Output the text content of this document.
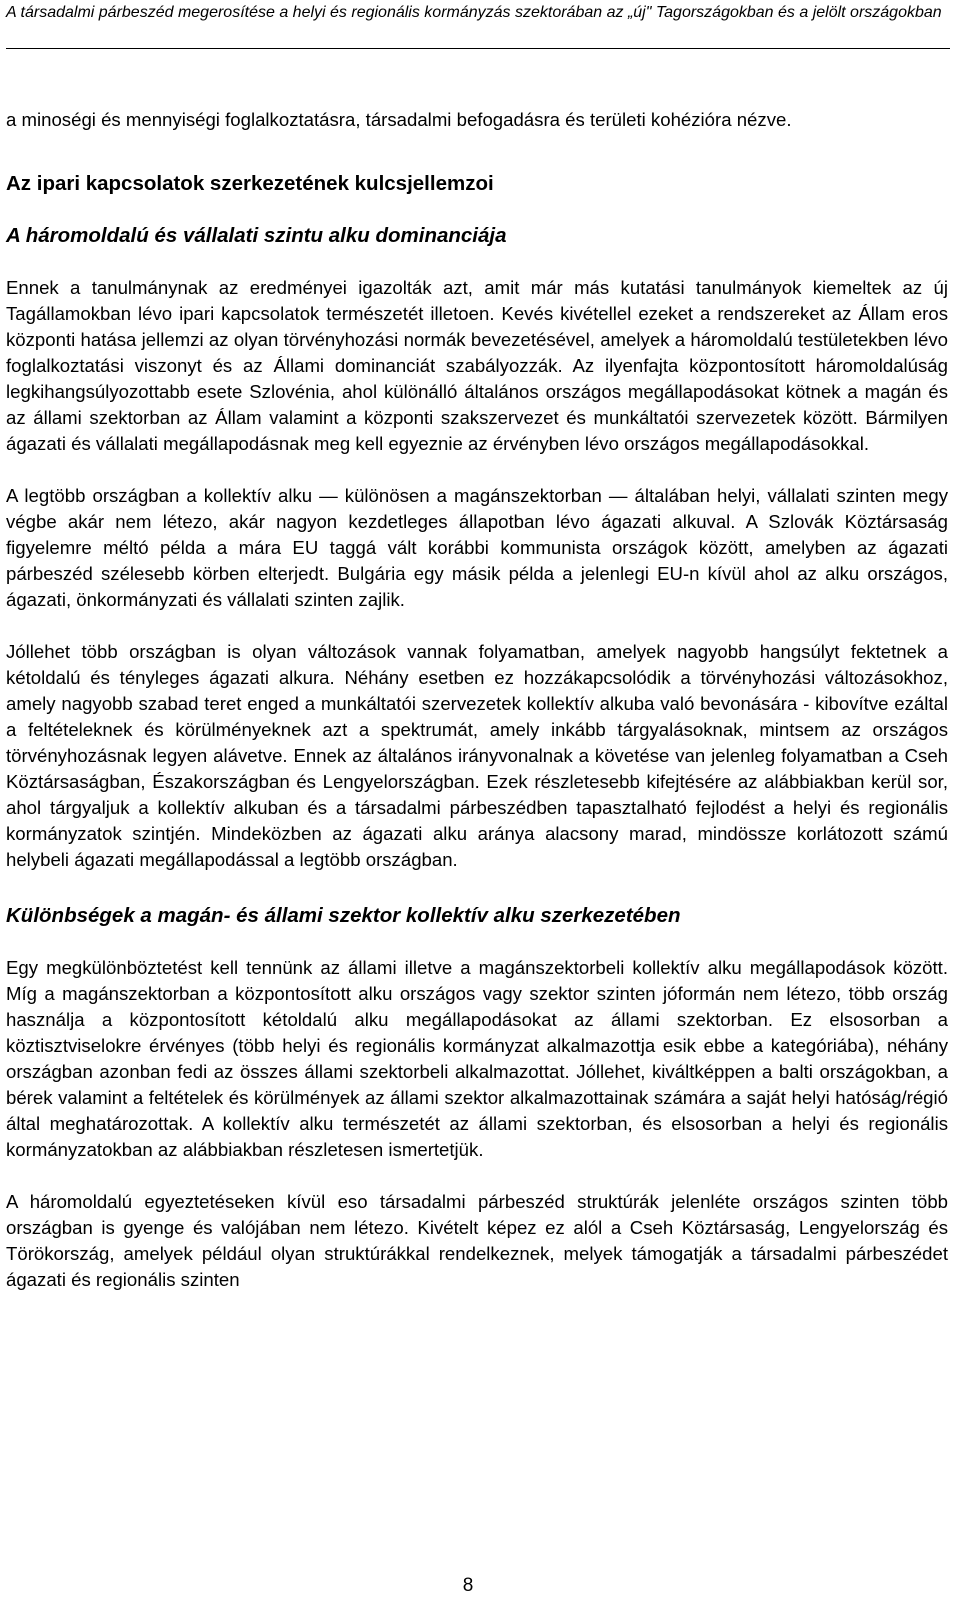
A társadalmi párbeszéd megerosítése a helyi és regionális kormányzás szektorában az „új" Tagországokban és a jelölt országokban

a minoségi és mennyiségi foglalkoztatásra, társadalmi befogadásra és területi kohézióra nézve.

Az ipari kapcsolatok szerkezetének kulcsjellemzoi
A háromoldalú és vállalati szintu alku dominanciája

Ennek a tanulmánynak az eredményei igazolták azt, amit már más kutatási tanulmányok kiemeltek az új Tagállamokban lévo ipari kapcsolatok természetét illetoen. Kevés kivétellel ezeket a rendszereket az Állam eros központi hatása jellemzi az olyan törvényhozási normák bevezetésével, amelyek a háromoldalú testületekben lévo foglalkoztatási viszonyt és az Állami dominanciát szabályozzák. Az ilyenfajta központosított háromoldalúság legkihangsúlyozottabb esete Szlovénia, ahol különálló általános országos megállapodásokat kötnek a magán és az állami szektorban az Állam valamint a központi szakszervezet és munkáltatói szervezetek között. Bármilyen ágazati és vállalati megállapodásnak meg kell egyeznie az érvényben lévo országos megállapodásokkal.

A legtöbb országban a kollektív alku — különösen a magánszektorban — általában helyi, vállalati szinten megy végbe akár nem létezo, akár nagyon kezdetleges állapotban lévo ágazati alkuval. A Szlovák Köztársaság figyelemre méltó példa a mára EU taggá vált korábbi kommunista országok között, amelyben az ágazati párbeszéd szélesebb körben elterjedt. Bulgária egy másik példa a jelenlegi EU-n kívül ahol az alku országos, ágazati, önkormányzati és vállalati szinten zajlik.

Jóllehet több országban is olyan változások vannak folyamatban, amelyek nagyobb hangsúlyt fektetnek a kétoldalú és tényleges ágazati alkura. Néhány esetben ez hozzákapcsolódik a törvényhozási változásokhoz, amely nagyobb szabad teret enged a munkáltatói szervezetek kollektív alkuba való bevonására - kibovítve ezáltal a feltételeknek és körülményeknek azt a spektrumát, amely inkább tárgyalásoknak, mintsem az országos törvényhozásnak legyen alávetve. Ennek az általános irányvonalnak a követése van jelenleg folyamatban a Cseh Köztársaságban, Északországban és Lengyelországban. Ezek részletesebb kifejtésére az alábbiakban kerül sor, ahol tárgyaljuk a kollektív alkuban és a társadalmi párbeszédben tapasztalható fejlodést a helyi és regionális kormányzatok szintjén. Mindeközben az ágazati alku aránya alacsony marad, mindössze korlátozott számú helybeli ágazati megállapodással a legtöbb országban.

Különbségek a magán- és állami szektor kollektív alku szerkezetében

Egy megkülönböztetést kell tennünk az állami illetve a magánszektorbeli kollektív alku megállapodások között. Míg a magánszektorban a központosított alku országos vagy szektor szinten jóformán nem létezo, több ország használja a központosított kétoldalú alku megállapodásokat az állami szektorban. Ez elsosorban a köztisztviselokre érvényes (több helyi és regionális kormányzat alkalmazottja esik ebbe a kategóriába), néhány országban azonban fedi az összes állami szektorbeli alkalmazottat. Jóllehet, kiváltképpen a balti országokban, a bérek valamint a feltételek és körülmények az állami szektor alkalmazottainak számára a saját helyi hatóság/régió által meghatározottak. A kollektív alku természetét az állami szektorban, és elsosorban a helyi és regionális kormányzatokban az alábbiakban részletesen ismertetjük.

A háromoldalú egyeztetéseken kívül eso társadalmi párbeszéd struktúrák jelenléte országos szinten több országban is gyenge és valójában nem létezo. Kivételt képez ez alól a Cseh Köztársaság, Lengyelország és Törökország, amelyek például olyan struktúrákkal rendelkeznek, melyek támogatják a társadalmi párbeszédet ágazati és regionális szinten

8
